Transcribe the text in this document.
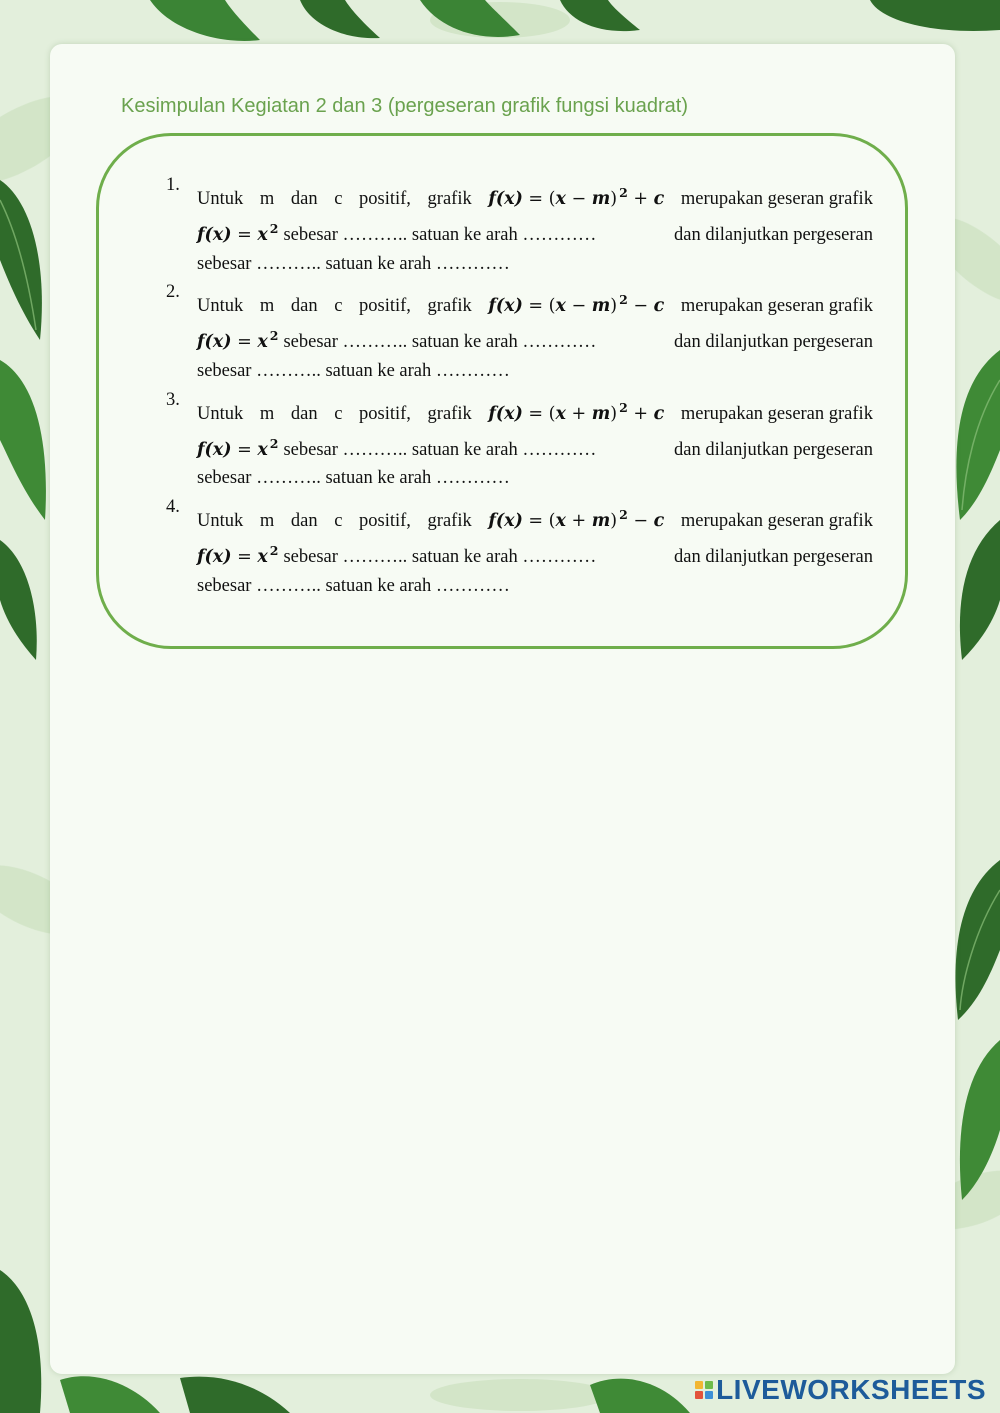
Kesimpulan Kegiatan 2 dan 3 (pergeseran grafik fungsi kuadrat)
1.
Untuk m dan c positif, grafik f(x) = (x − m) $^2$ + c merupakan geseran grafik
f(x) = x $^2$ sebesar ……….. satuan ke arah …………	dan dilanjutkan pergeseran
sebesar ……….. satuan ke arah …………
2.
Untuk m dan c positif, grafik f(x) = (x − m) $^2$ − c merupakan geseran grafik
f(x) = x $^2$ sebesar ……….. satuan ke arah …………	dan dilanjutkan pergeseran
sebesar ……….. satuan ke arah …………
3.
Untuk m dan c positif, grafik f(x) = (x + m) $^2$ + c merupakan geseran grafik
f(x) = x $^2$ sebesar ……….. satuan ke arah …………	dan dilanjutkan pergeseran
sebesar ……….. satuan ke arah …………
4.
Untuk m dan c positif, grafik f(x) = (x + m) $^2$ − c merupakan geseran grafik
f(x) = x $^2$ sebesar ……….. satuan ke arah …………	dan dilanjutkan pergeseran
sebesar ……….. satuan ke arah …………
LIVEWORKSHEETS
